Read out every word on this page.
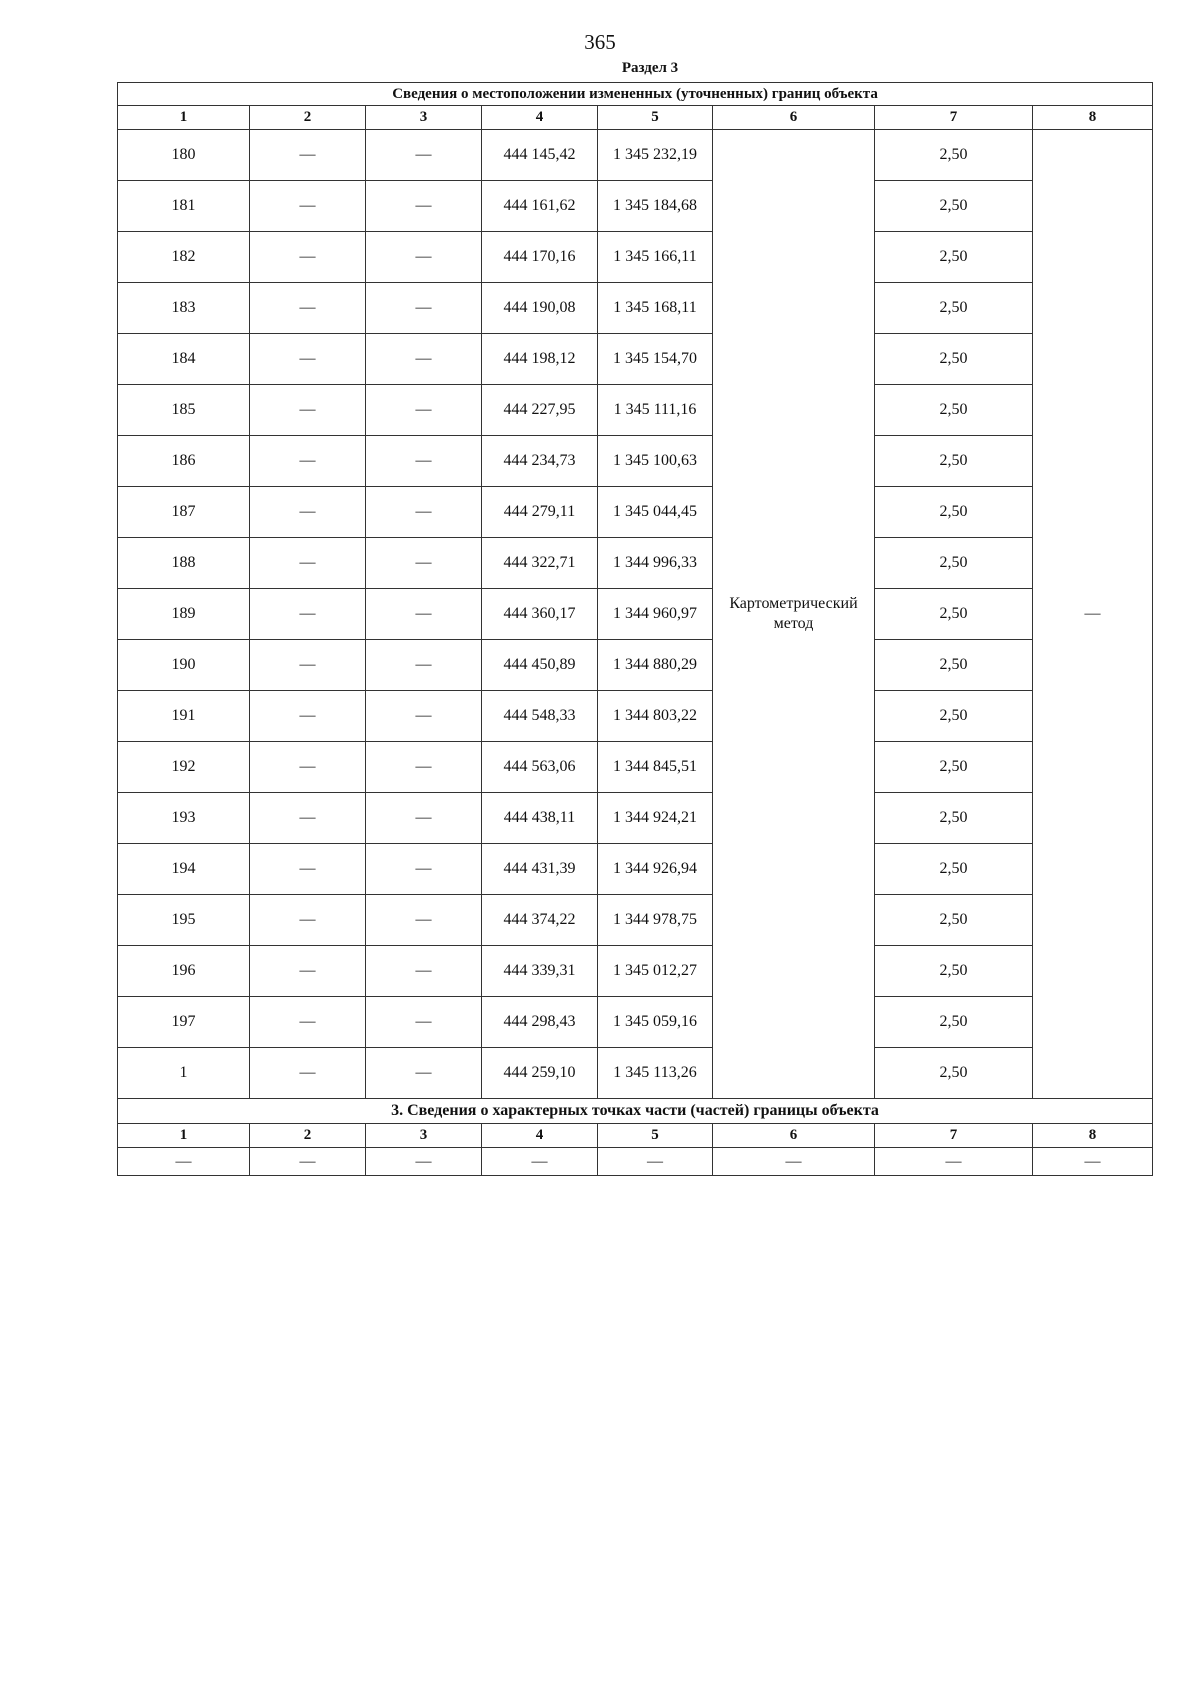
365
Раздел 3
Сведения о местоположении измененных (уточненных) границ объекта							
1	2	3	4	5	6	7	8
180	—	—	444 145,42	1 345 232,19	Картометрический метод	2,50	—
181	—	—	444 161,62	1 345 184,68		2,50	
182	—	—	444 170,16	1 345 166,11		2,50	
183	—	—	444 190,08	1 345 168,11		2,50	
184	—	—	444 198,12	1 345 154,70		2,50	
185	—	—	444 227,95	1 345 111,16		2,50	
186	—	—	444 234,73	1 345 100,63		2,50	
187	—	—	444 279,11	1 345 044,45		2,50	
188	—	—	444 322,71	1 344 996,33		2,50	
189	—	—	444 360,17	1 344 960,97		2,50	
190	—	—	444 450,89	1 344 880,29		2,50	
191	—	—	444 548,33	1 344 803,22		2,50	
192	—	—	444 563,06	1 344 845,51		2,50	
193	—	—	444 438,11	1 344 924,21		2,50	
194	—	—	444 431,39	1 344 926,94		2,50	
195	—	—	444 374,22	1 344 978,75		2,50	
196	—	—	444 339,31	1 345 012,27		2,50	
197	—	—	444 298,43	1 345 059,16		2,50	
1	—	—	444 259,10	1 345 113,26		2,50	
3. Сведения о характерных точках части (частей) границы объекта							
1	2	3	4	5	6	7	8
—	—	—	—	—	—	—	—
